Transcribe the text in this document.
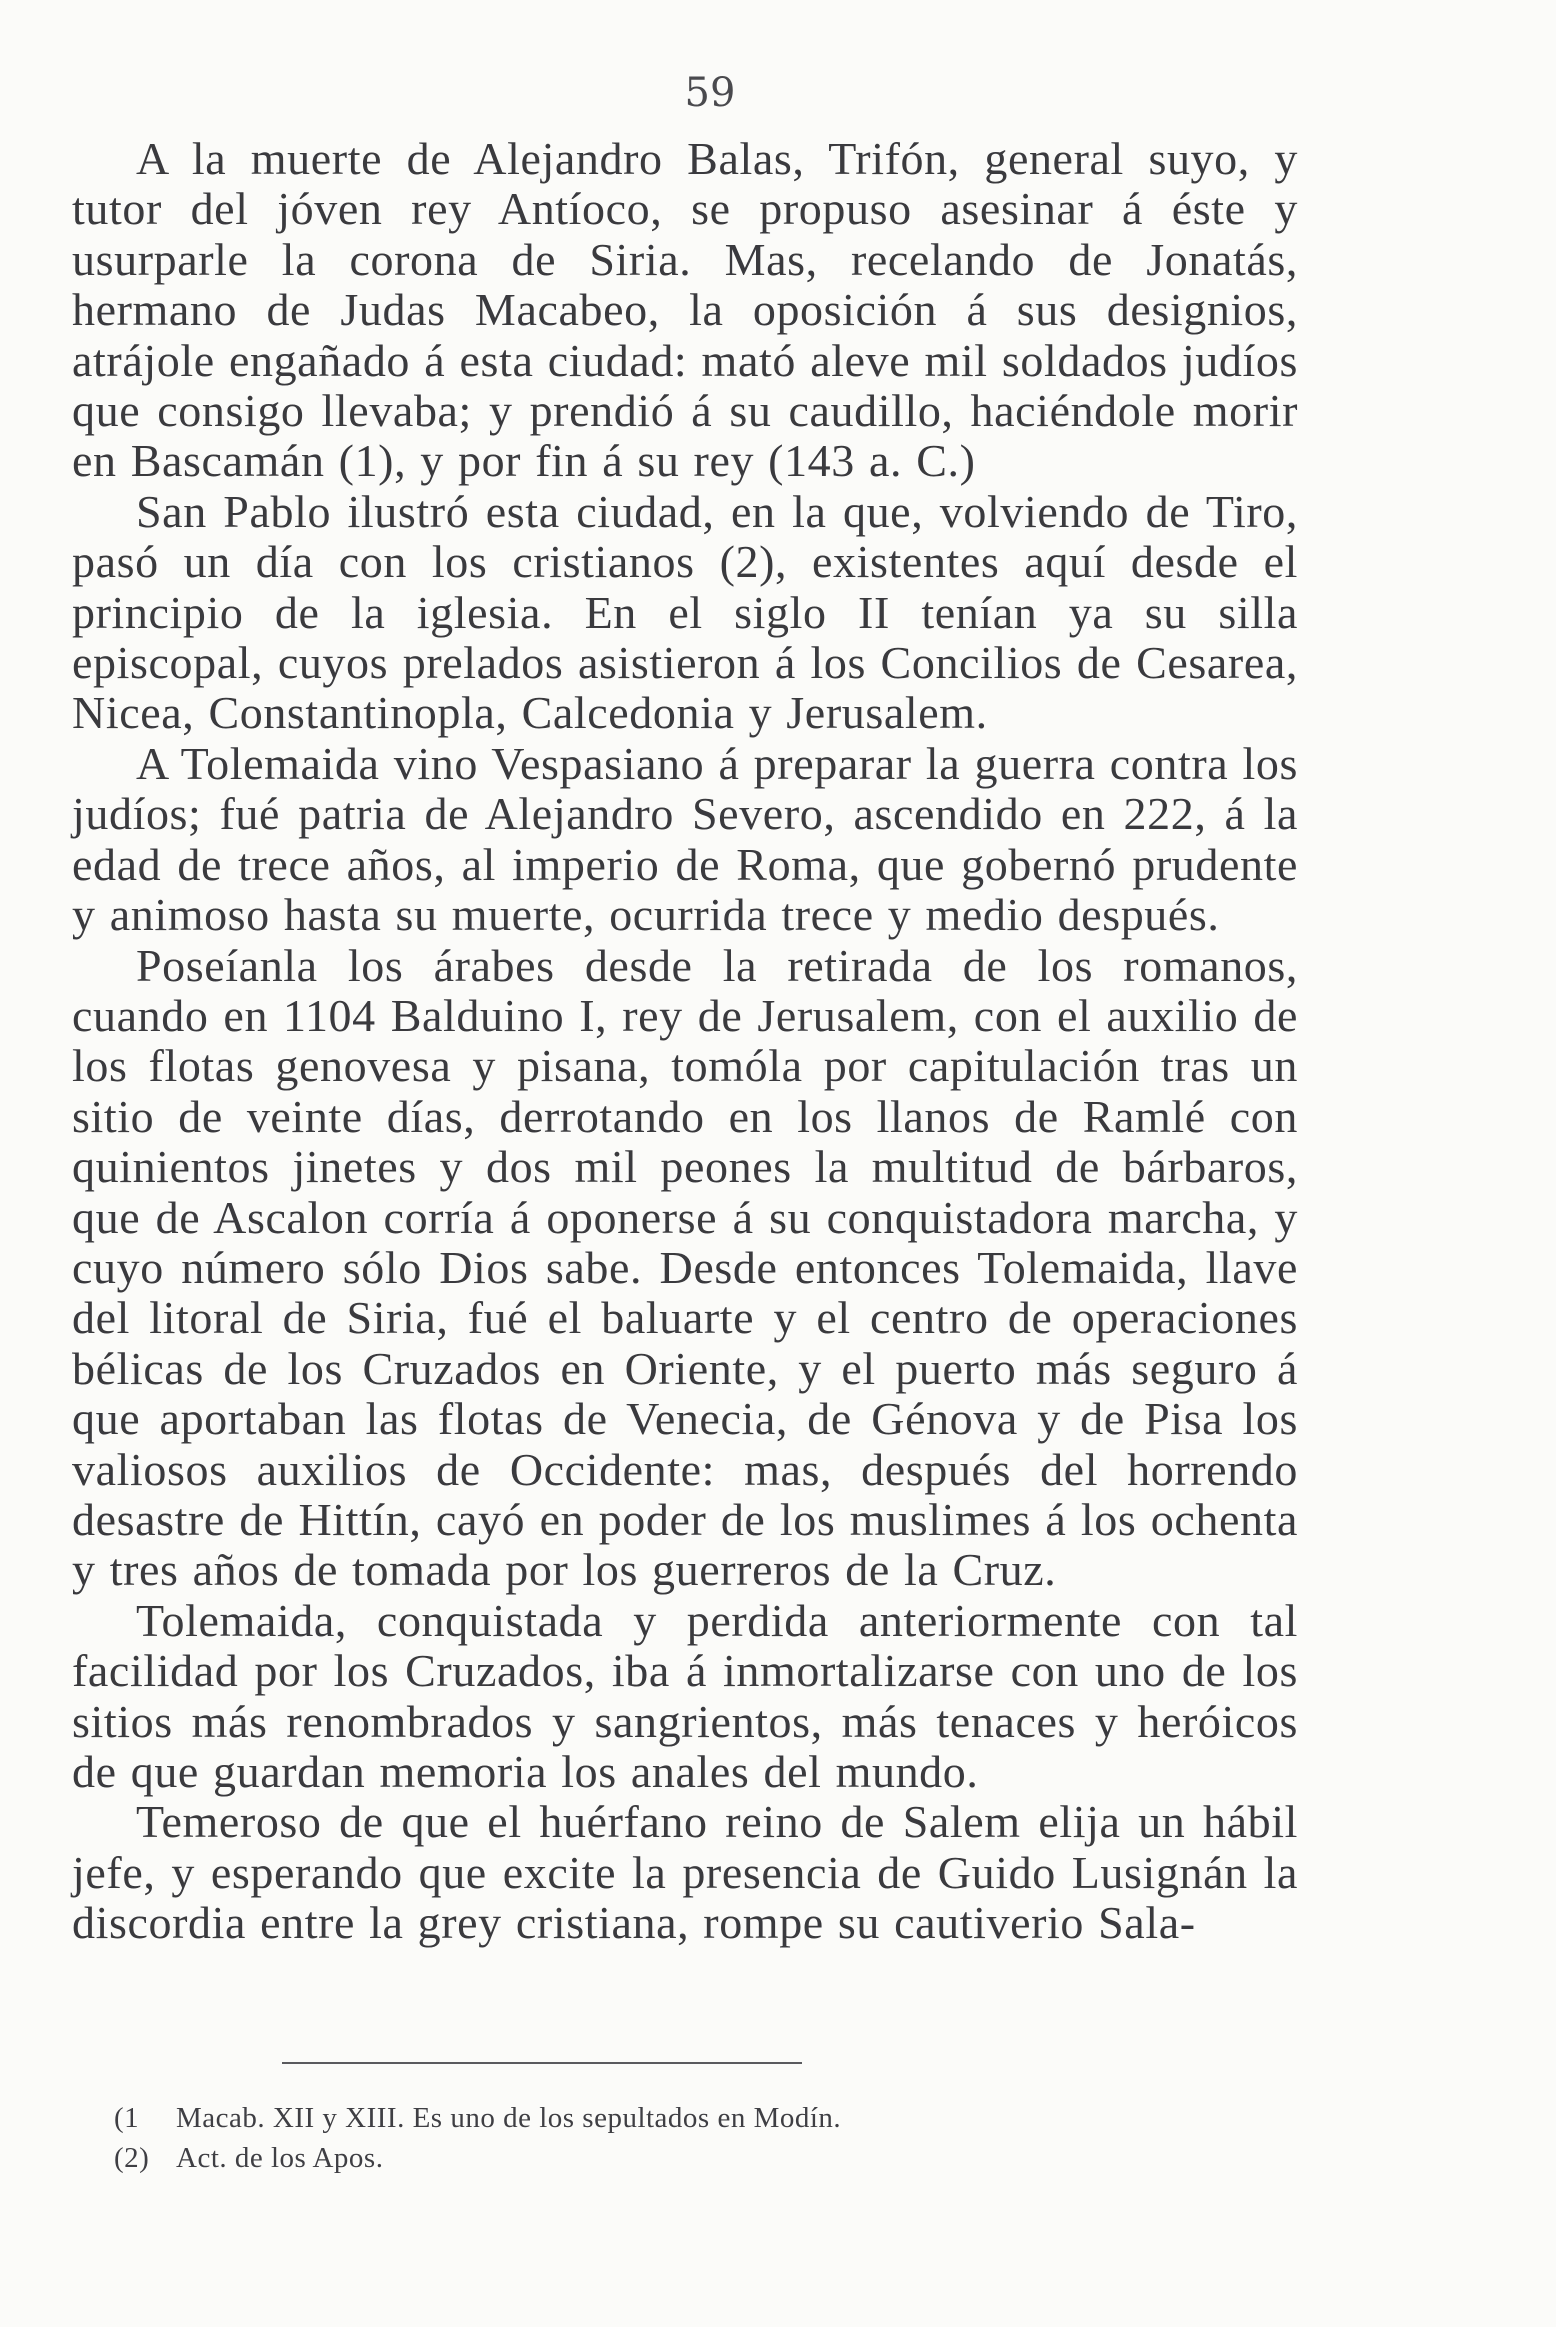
59

A la muerte de Alejandro Balas, Trifón, general suyo, y tutor del jóven rey Antíoco, se propuso asesinar á éste y usurparle la corona de Siria. Mas, recelando de Jonatás, hermano de Judas Macabeo, la oposición á sus designios, atrájole engañado á esta ciudad: mató aleve mil soldados judíos que consigo llevaba; y prendió á su caudillo, haciéndole morir en Bascamán (1), y por fin á su rey (143 a. C.)

San Pablo ilustró esta ciudad, en la que, volviendo de Tiro, pasó un día con los cristianos (2), existentes aquí desde el principio de la iglesia. En el siglo II tenían ya su silla episcopal, cuyos prelados asistieron á los Concilios de Cesarea, Nicea, Constantinopla, Calcedonia y Jerusalem.

A Tolemaida vino Vespasiano á preparar la guerra contra los judíos; fué patria de Alejandro Severo, ascendido en 222, á la edad de trece años, al imperio de Roma, que gobernó prudente y animoso hasta su muerte, ocurrida trece y medio después.

Poseíanla los árabes desde la retirada de los romanos, cuando en 1104 Balduino I, rey de Jerusalem, con el auxilio de los flotas genovesa y pisana, tomóla por capitulación tras un sitio de veinte días, derrotando en los llanos de Ramlé con quinientos jinetes y dos mil peones la multitud de bárbaros, que de Ascalon corría á oponerse á su conquistadora marcha, y cuyo número sólo Dios sabe. Desde entonces Tolemaida, llave del litoral de Siria, fué el baluarte y el centro de operaciones bélicas de los Cruzados en Oriente, y el puerto más seguro á que aportaban las flotas de Venecia, de Génova y de Pisa los valiosos auxilios de Occidente: mas, después del horrendo desastre de Hittín, cayó en poder de los muslimes á los ochenta y tres años de tomada por los guerreros de la Cruz.

Tolemaida, conquistada y perdida anteriormente con tal facilidad por los Cruzados, iba á inmortalizarse con uno de los sitios más renombrados y sangrientos, más tenaces y heróicos de que guardan memoria los anales del mundo.

Temeroso de que el huérfano reino de Salem elija un hábil jefe, y esperando que excite la presencia de Guido Lusignán la discordia entre la grey cristiana, rompe su cautiverio Sala-

(1 Macab. XII y XIII. Es uno de los sepultados en Modín.

(2) Act. de los Apos.
